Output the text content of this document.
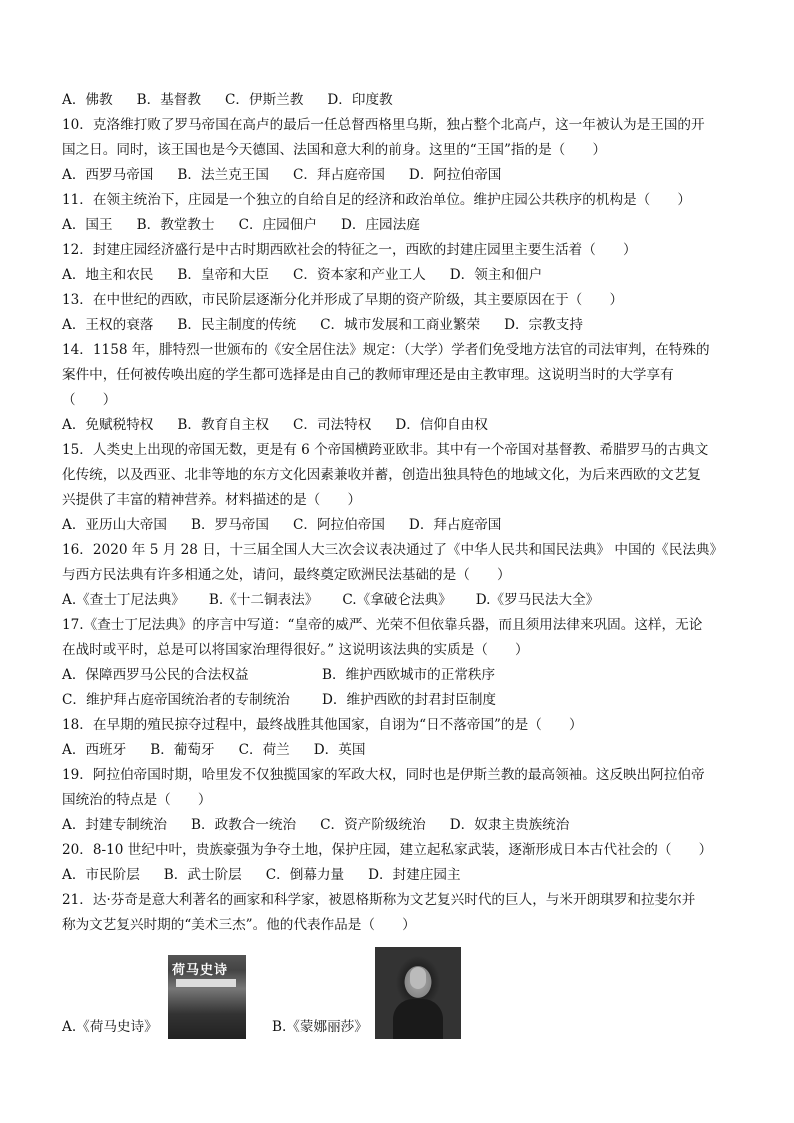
A．佛教 B．基督教 C．伊斯兰教 D．印度教
10．克洛维打败了罗马帝国在高卢的最后一任总督西格里乌斯，独占整个北高卢，这一年被认为是王国的开
国之日。同时，该王国也是今天德国、法国和意大利的前身。这里的“王国”指的是（　　）
A．西罗马帝国 B．法兰克王国 C．拜占庭帝国 D．阿拉伯帝国
11．在领主统治下，庄园是一个独立的自给自足的经济和政治单位。维护庄园公共秩序的机构是（　　）
A．国王 B．教堂教士 C．庄园佃户 D．庄园法庭
12．封建庄园经济盛行是中古时期西欧社会的特征之一，西欧的封建庄园里主要生活着（　　）
A．地主和农民 B．皇帝和大臣 C．资本家和产业工人 D．领主和佃户
13．在中世纪的西欧，市民阶层逐渐分化并形成了早期的资产阶级，其主要原因在于（　　）
A．王权的衰落 B．民主制度的传统 C．城市发展和工商业繁荣 D．宗教支持
14．1158 年，腓特烈一世颁布的《安全居住法》规定：（大学）学者们免受地方法官的司法审判，在特殊的
案件中，任何被传唤出庭的学生都可选择是由自己的教师审理还是由主教审理。这说明当时的大学享有
（　　）
A．免赋税特权 B．教育自主权 C．司法特权 D．信仰自由权
15．人类史上出现的帝国无数，更是有 6 个帝国横跨亚欧非。其中有一个帝国对基督教、希腊罗马的古典文
化传统，以及西亚、北非等地的东方文化因素兼收并蓄，创造出独具特色的地域文化，为后来西欧的文艺复
兴提供了丰富的精神营养。材料描述的是（　　）
A．亚历山大帝国 B．罗马帝国 C．阿拉伯帝国 D．拜占庭帝国
16．2020 年 5 月 28 日，十三届全国人大三次会议表决通过了《中华人民共和国民法典》 中国的《民法典》
与西方民法典有许多相通之处，请问，最终奠定欧洲民法基础的是（　　）
A.《查士丁尼法典》 B.《十二铜表法》 C.《拿破仑法典》 D.《罗马民法大全》
17.《查士丁尼法典》的序言中写道：“皇帝的威严、光荣不但依靠兵器，而且须用法律来巩固。这样，无论
在战时或平时，总是可以将国家治理得很好。” 这说明该法典的实质是（　　）
A．保障西罗马公民的合法权益	B．维护西欧城市的正常秩序
C．维护拜占庭帝国统治者的专制统治 D．维护西欧的封君封臣制度
18．在早期的殖民掠夺过程中，最终战胜其他国家，自诩为“日不落帝国”的是（　　）
A．西班牙 B．葡萄牙 C．荷兰 D．英国
19．阿拉伯帝国时期，哈里发不仅独揽国家的军政大权，同时也是伊斯兰教的最高领袖。这反映出阿拉伯帝
国统治的特点是（　　）
A．封建专制统治 B．政教合一统治 C．资产阶级统治 D．奴隶主贵族统治
20．8-10 世纪中叶，贵族豪强为争夺土地，保护庄园，建立起私家武装，逐渐形成日本古代社会的（　　）
A．市民阶层 B．武士阶层 C．倒幕力量 D．封建庄园主
21．达·芬奇是意大利著名的画家和科学家，被恩格斯称为文艺复兴时代的巨人，与米开朗琪罗和拉斐尔并
称为文艺复兴时期的“美术三杰”。他的代表作品是（　　）
荷马史诗
A.《荷马史诗》	B.《蒙娜丽莎》
